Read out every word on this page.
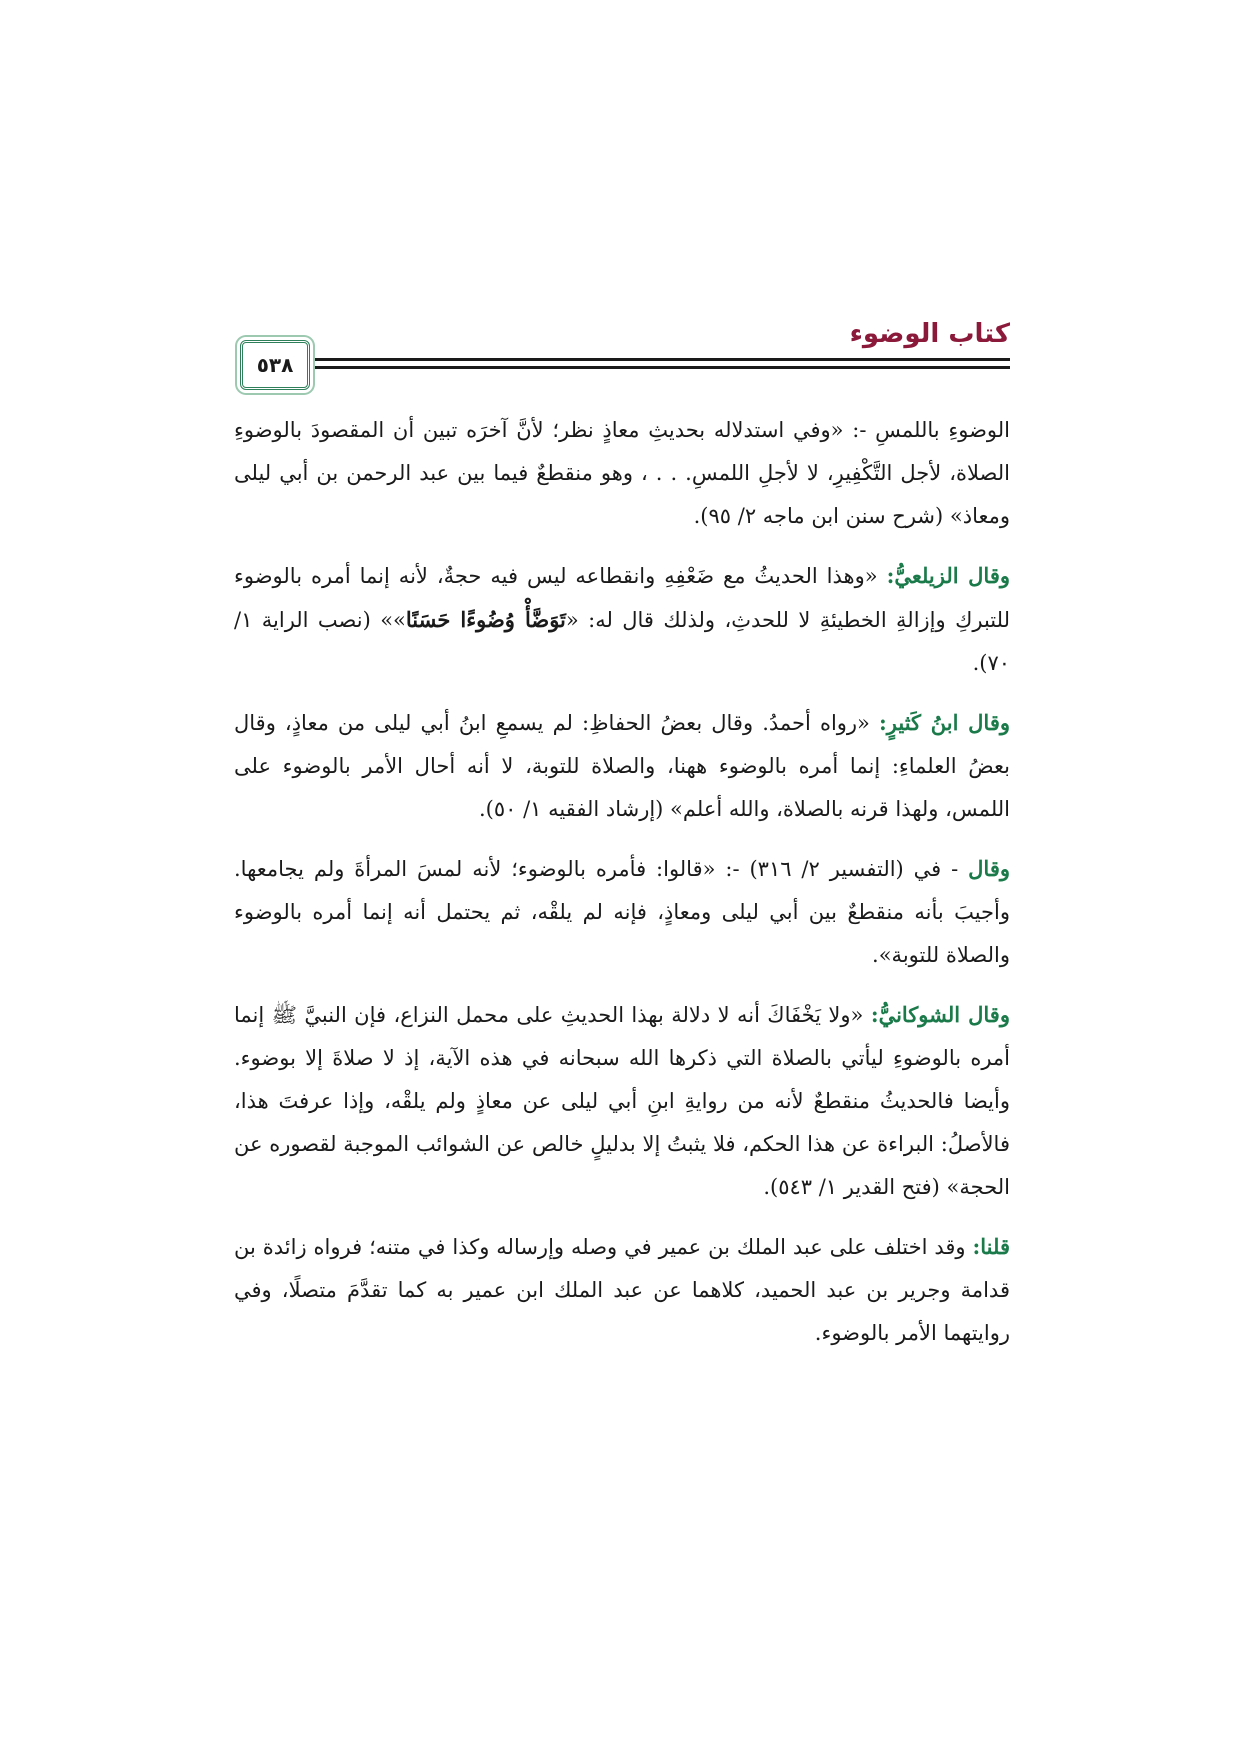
كتاب الوضوء
٥٣٨

الوضوءِ باللمسِ -: «وفي استدلاله بحديثِ معاذٍ نظر؛ لأنَّ آخرَه تبين أن المقصودَ بالوضوءِ الصلاة، لأجل التَّكْفِيرِ، لا لأجلِ اللمسِ. . . ، وهو منقطعٌ فيما بين عبد الرحمن بن أبي ليلى ومعاذ» (شرح سنن ابن ماجه ٢/ ٩٥).

وقال الزيلعيُّ: «وهذا الحديثُ مع ضَعْفِهِ وانقطاعه ليس فيه حجةٌ، لأنه إنما أمره بالوضوء للتبركِ وإزالةِ الخطيئةِ لا للحدثِ، ولذلك قال له: «تَوَضَّأْ وُضُوءًا حَسَنًا»» (نصب الراية ١/ ٧٠).

وقال ابنُ كَثيرٍ: «رواه أحمدُ. وقال بعضُ الحفاظِ: لم يسمعِ ابنُ أبي ليلى من معاذٍ، وقال بعضُ العلماءِ: إنما أمره بالوضوء ههنا، والصلاة للتوبة، لا أنه أحال الأمر بالوضوء على اللمس، ولهذا قرنه بالصلاة، والله أعلم» (إرشاد الفقيه ١/ ٥٠).

وقال - في (التفسير ٢/ ٣١٦) -: «قالوا: فأمره بالوضوء؛ لأنه لمسَ المرأةَ ولم يجامعها. وأجيبَ بأنه منقطعٌ بين أبي ليلى ومعاذٍ، فإنه لم يلقْه، ثم يحتمل أنه إنما أمره بالوضوء والصلاة للتوبة».

وقال الشوكانيُّ: «ولا يَخْفَاكَ أنه لا دلالة بهذا الحديثِ على محمل النزاع، فإن النبيَّ ﷺ إنما أمره بالوضوءِ ليأتي بالصلاة التي ذكرها الله سبحانه في هذه الآية، إذ لا صلاةَ إلا بوضوء. وأيضا فالحديثُ منقطعٌ لأنه من روايةِ ابنِ أبي ليلى عن معاذٍ ولم يلقْه، وإذا عرفتَ هذا، فالأصلُ: البراءة عن هذا الحكم، فلا يثبتُ إلا بدليلٍ خالص عن الشوائب الموجبة لقصوره عن الحجة» (فتح القدير ١/ ٥٤٣).

قلنا: وقد اختلف على عبد الملك بن عمير في وصله وإرساله وكذا في متنه؛ فرواه زائدة بن قدامة وجرير بن عبد الحميد، كلاهما عن عبد الملك ابن عمير به كما تقدَّمَ متصلًا، وفي روايتهما الأمر بالوضوء.
